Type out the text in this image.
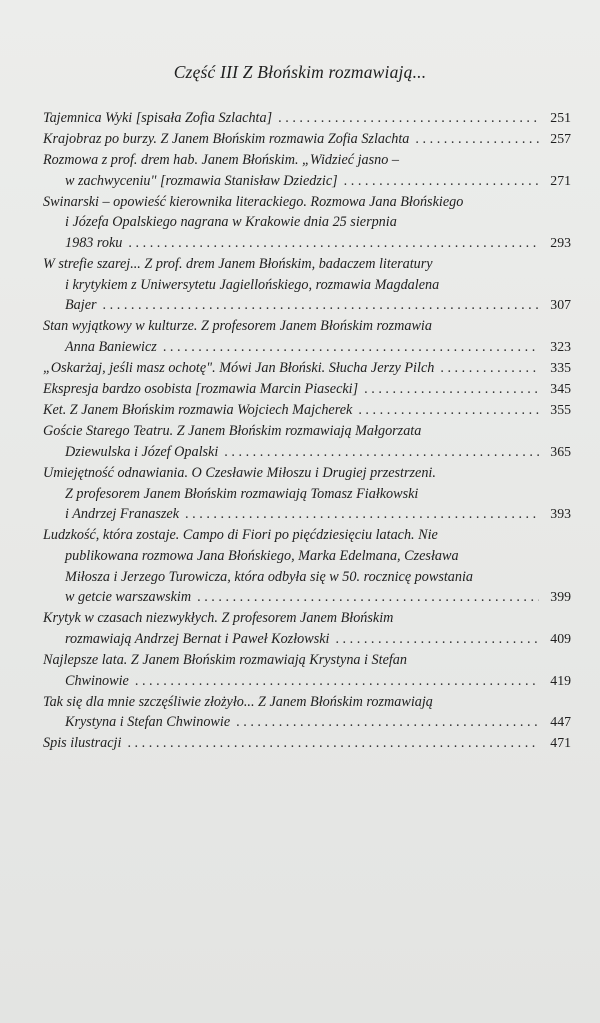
Część III Z Błońskim rozmawiają...
Tajemnica Wyki [spisała Zofia Szlachta] . . .	251
Krajobraz po burzy. Z Janem Błońskim rozmawia Zofia Szlachta . . .	257
Rozmowa z prof. drem hab. Janem Błońskim. „Widzieć jasno –
w zachwyceniu" [rozmawia Stanisław Dziedzic] . . .	271
Swinarski – opowieść kierownika literackiego. Rozmowa Jana Błońskiego
i Józefa Opalskiego nagrana w Krakowie dnia 25 sierpnia
1983 roku . . .	293
W strefie szarej... Z prof. drem Janem Błońskim, badaczem literatury
i krytykiem z Uniwersytetu Jagiellońskiego, rozmawia Magdalena
Bajer . . .	307
Stan wyjątkowy w kulturze. Z profesorem Janem Błońskim rozmawia
Anna Baniewicz . . .	323
„Oskarżaj, jeśli masz ochotę". Mówi Jan Błoński. Słucha Jerzy Pilch . . .	335
Ekspresja bardzo osobista [rozmawia Marcin Piasecki] . . .	345
Ket. Z Janem Błońskim rozmawia Wojciech Majcherek . . .	355
Goście Starego Teatru. Z Janem Błońskim rozmawiają Małgorzata
Dziewulska i Józef Opalski . . .	365
Umiejętność odnawiania. O Czesławie Miłoszu i Drugiej przestrzeni.
Z profesorem Janem Błońskim rozmawiają Tomasz Fiałkowski
i Andrzej Franaszek . . .	393
Ludzkość, która zostaje. Campo di Fiori po pięćdziesięciu latach. Nie
publikowana rozmowa Jana Błońskiego, Marka Edelmana, Czesława
Miłosza i Jerzego Turowicza, która odbyła się w 50. rocznicę powstania
w getcie warszawskim . . .	399
Krytyk w czasach niezwykłych. Z profesorem Janem Błońskim
rozmawiają Andrzej Bernat i Paweł Kozłowski . . .	409
Najlepsze lata. Z Janem Błońskim rozmawiają Krystyna i Stefan
Chwinowie . . .	419
Tak się dla mnie szczęśliwie złożyło... Z Janem Błońskim rozmawiają
Krystyna i Stefan Chwinowie . . .	447
Spis ilustracji . . .	471
